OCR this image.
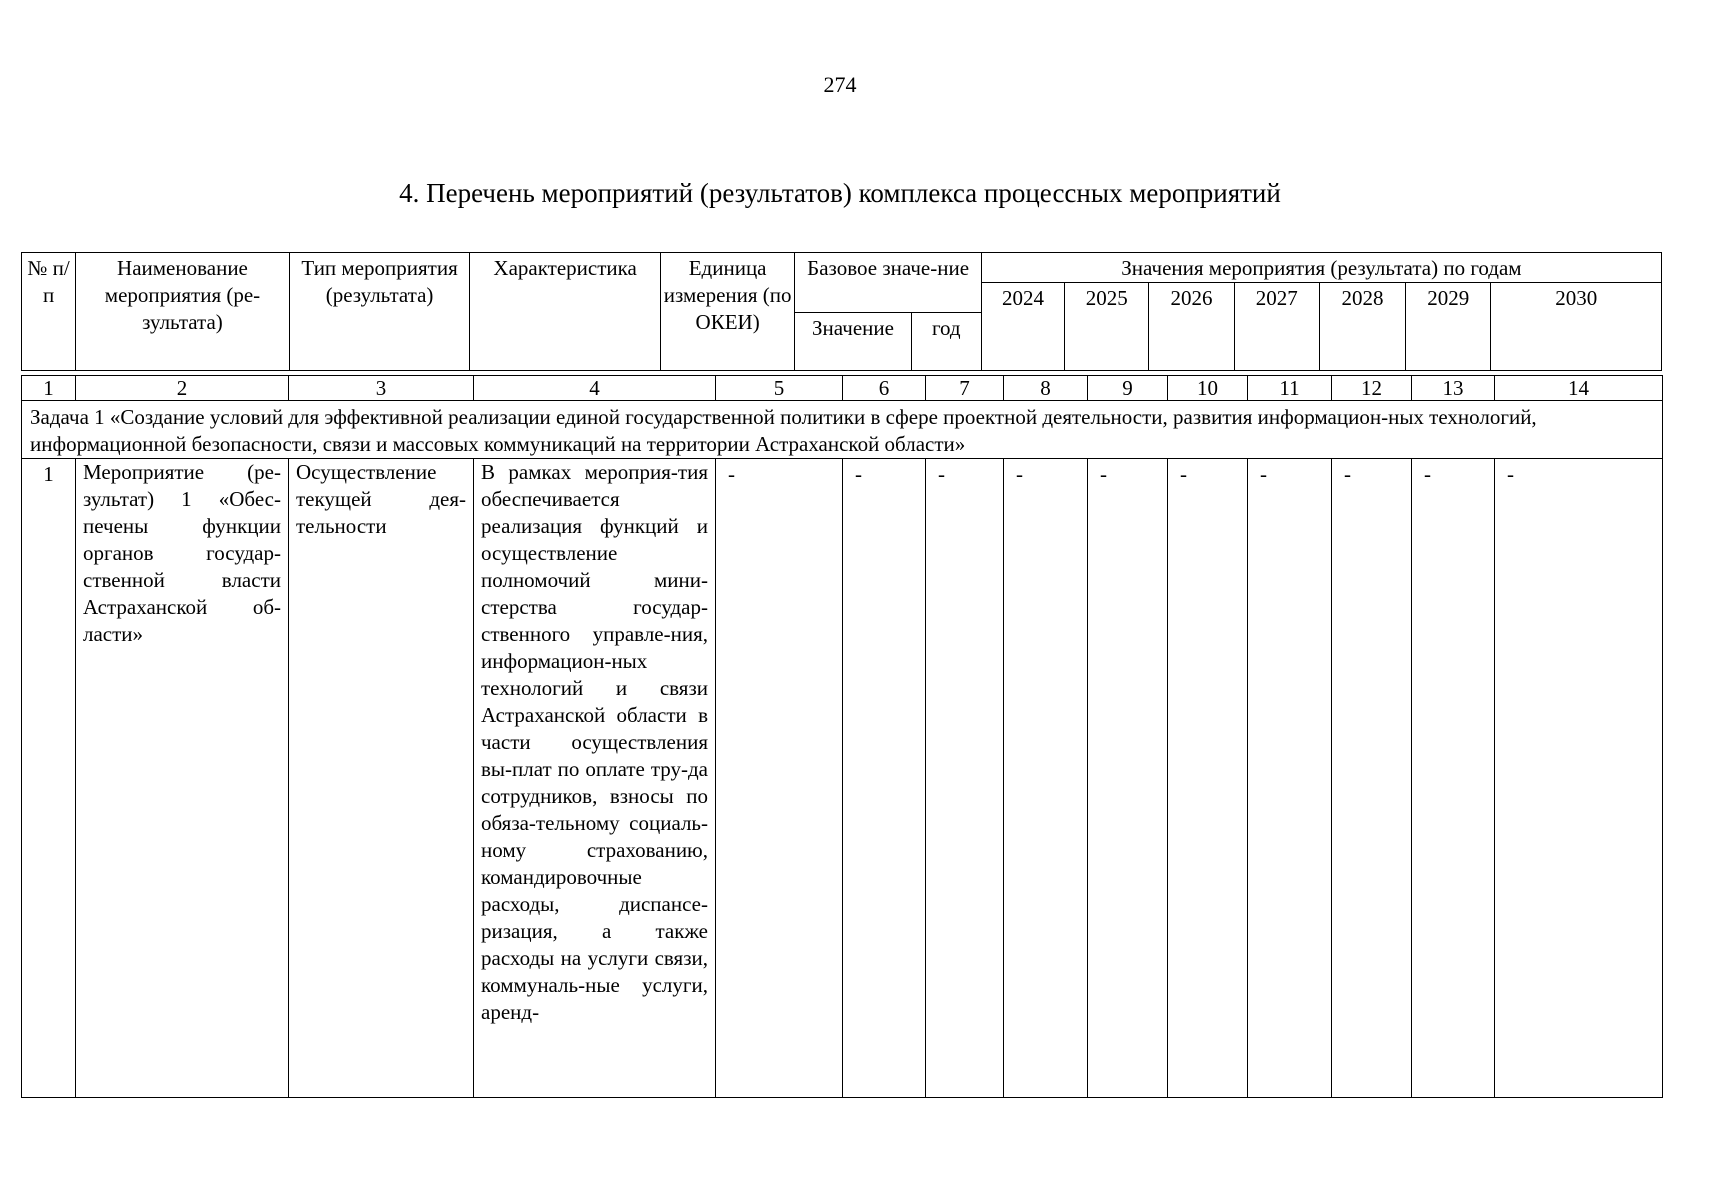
274
4. Перечень мероприятий (результатов) комплекса процессных мероприятий
№ п/п	Наименование мероприятия (ре-зультата)	Тип мероприятия (результата)	Характеристика	Единица измерения (по ОКЕИ)	Базовое значе-ние		Значения мероприятия (результата) по годам						
							2024	2025	2026	2027	2028	2029	2030
					Значение	год							
1	2	3	4	5	6	7	8	9	10	11	12	13	14
Задача 1 «Создание условий для эффективной реализации единой государственной политики в сфере проектной деятельности, развития информацион-ных технологий, информационной безопасности, связи и массовых коммуникаций на территории Астраханской области»													
1	Мероприятие (ре-зультат) 1 «Обес-печены функции органов государ-ственной власти Астраханской об-ласти»	Осуществление текущей дея-тельности	В рамках мероприя-тия обеспечивается реализация функций и осуществление полномочий мини-стерства государ-ственного управле-ния, информацион-ных технологий и связи Астраханской области в части осуществления вы-плат по оплате тру-да сотрудников, взносы по обяза-тельному социаль-ному страхованию, командировочные расходы, диспансе-ризация, а также расходы на услуги связи, коммуналь-ные услуги, аренд-	-	-	-	-	-	-	-	-	-	-
